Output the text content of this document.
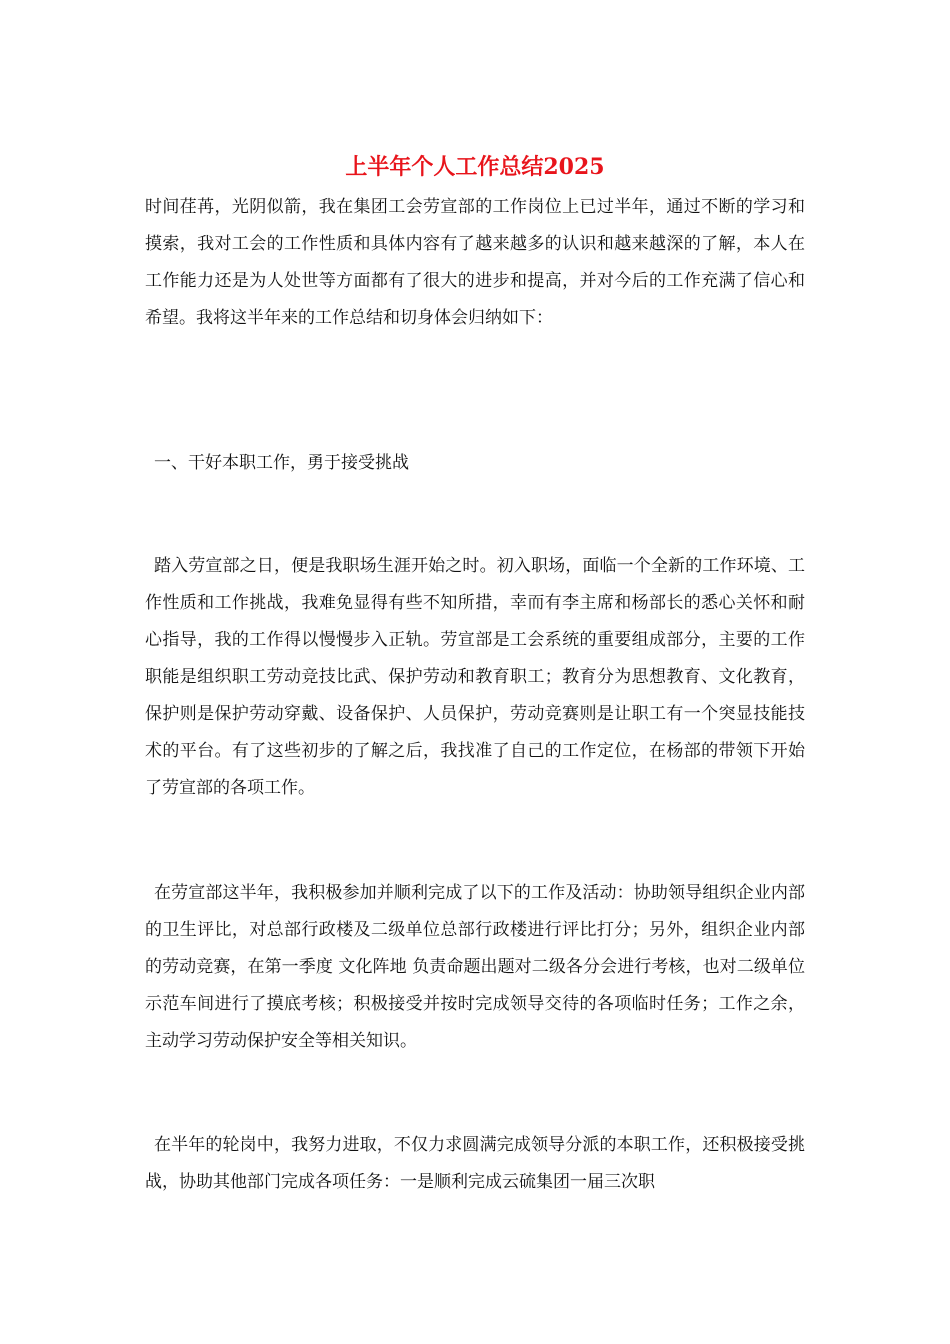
上半年个人工作总结2025

时间荏苒，光阴似箭，我在集团工会劳宣部的工作岗位上已过半年，通过不断的学习和摸索，我对工会的工作性质和具体内容有了越来越多的认识和越来越深的了解，本人在工作能力还是为人处世等方面都有了很大的进步和提高，并对今后的工作充满了信心和希望。我将这半年来的工作总结和切身体会归纳如下：

一、干好本职工作，勇于接受挑战

踏入劳宣部之日，便是我职场生涯开始之时。初入职场，面临一个全新的工作环境、工作性质和工作挑战，我难免显得有些不知所措，幸而有李主席和杨部长的悉心关怀和耐心指导，我的工作得以慢慢步入正轨。劳宣部是工会系统的重要组成部分，主要的工作职能是组织职工劳动竞技比武、保护劳动和教育职工；教育分为思想教育、文化教育，保护则是保护劳动穿戴、设备保护、人员保护，劳动竞赛则是让职工有一个突显技能技术的平台。有了这些初步的了解之后，我找准了自己的工作定位，在杨部的带领下开始了劳宣部的各项工作。

在劳宣部这半年，我积极参加并顺利完成了以下的工作及活动：协助领导组织企业内部的卫生评比，对总部行政楼及二级单位总部行政楼进行评比打分；另外，组织企业内部的劳动竞赛，在第一季度 文化阵地 负责命题出题对二级各分会进行考核，也对二级单位示范车间进行了摸底考核；积极接受并按时完成领导交待的各项临时任务；工作之余，主动学习劳动保护安全等相关知识。

在半年的轮岗中，我努力进取，不仅力求圆满完成领导分派的本职工作，还积极接受挑战，协助其他部门完成各项任务：一是顺利完成云硫集团一届三次职
